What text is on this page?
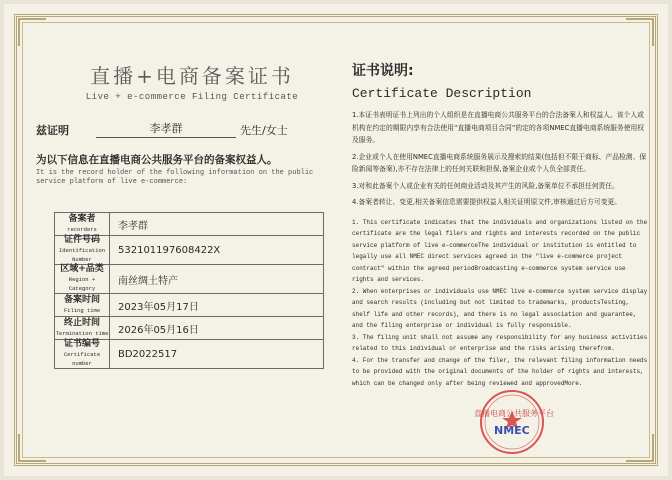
直播+电商备案证书
Live + e-commerce Filing Certificate
兹证明	李孝群	先生/女士
为以下信息在直播电商公共服务平台的备案权益人。
It is the record holder of the following information on the public service platform of live e-commerce:
备案者
recorders	李孝群

证件号码
Identification Number	532101197608422X

区域+品类
Region + Category	南丝绸土特产

备案时间
Filing time	2023年05月17日

终止时间
Termination time	2026年05月16日

证书编号
Certificate number	BD2022517
证书说明:
Certificate Description

1.本证书表明证书上列出的个人组织是在直播电商公共服务平台的合法备案人和权益人。该个人或机构在约定的期限内享有合法使用“直播电商项目合同”的定的各项NMEC直播电商系统服务使用权及服务。

2.企业或个人在使用NMEC直播电商系统服务展示及搜索的结果(包括但不限于商标、产品检测、保险新闻等备案),亦不存在法律上的任何关联和担保,备案企业或个人负全部责任。

3.对和此备案个人或企业有关的任何商业活动及其产生的风险,备案单位不承担任何责任。

4.备案者转让、变更,相关备案信息需要提供权益人相关证明原文件,审核通过后方可变更。

1. This certificate indicates that the individuals and organizations listed on the certificate are the legal filers and rights and interests recorded on the public service platform of live e-commerceThe individual or institution is entitled to legally use all NMEC direct services agreed in the "live e-commerce project contract" within the agreed periodBroadcasting e-commerce system service use rights and services.

2. When enterprises or individuals use NMEC live e-commerce system service display and search results (including but not limited to trademarks, productsTesting, shelf life and other records), and there is no legal association and guarantee, and the filing enterprise or individual is fully responsible.

3. The filing unit shall not assume any responsibility for any business activities related to this individual or enterprise and the risks arising therefrom.

4. For the transfer and change of the filer, the relevant filing information needs to be provided with the original documents of the holder of rights and interests, which can be changed only after being reviewed and approvedMore.

直播电商公共服务平台
NMEC
